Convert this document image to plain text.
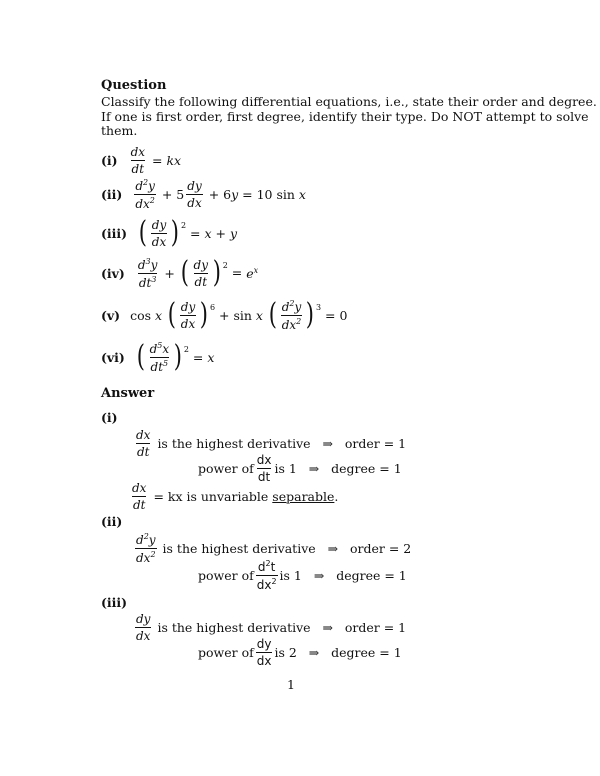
Question
Classify the following differential equations, i.e., state their order and degree.
If one is first order, first degree, identify their type. Do NOT attempt to solve
them.
$(i) \frac{dx}{dt}$ = kx
$(ii) \frac{d^2y}{dx^2} + 5 \frac{dy}{dx} + 6y = 10$ sin x
(iii) ( $\frac{dy}{dx}$ ) 2
= x + y
$(iv) \frac{d^3y}{dt^3}$ + ( $\frac{dy}{dt}$ ) 2
= $e^x$
(v) cos x ( $\frac{dy}{dx}$ ) 6
+ sin x ( $\frac{d^2y}{dx^2}$ ) 3
= 0
(vi) ( $\frac{d^5x}{dt^5}$ ) 2
= x
Answer
(i)
$\frac{dx}{dt}$
is the highest derivative
⇒
order = 1
power of $\frac{dx}{dt}$ is 1
⇒
degree = 1
$\frac{dx}{dt}$
= kx is unvariable
separable .
(ii)
$\frac{d^2y}{dx^2}$
is the highest derivative
⇒
order = 2
power of $\frac{d^2t}{dx^2}$ is 1
⇒
degree = 1
(iii)
$\frac{dy}{dx}$
is the highest derivative
⇒
order = 1
power of $\frac{dy}{dx}$ is 2
⇒
degree = 1
1
